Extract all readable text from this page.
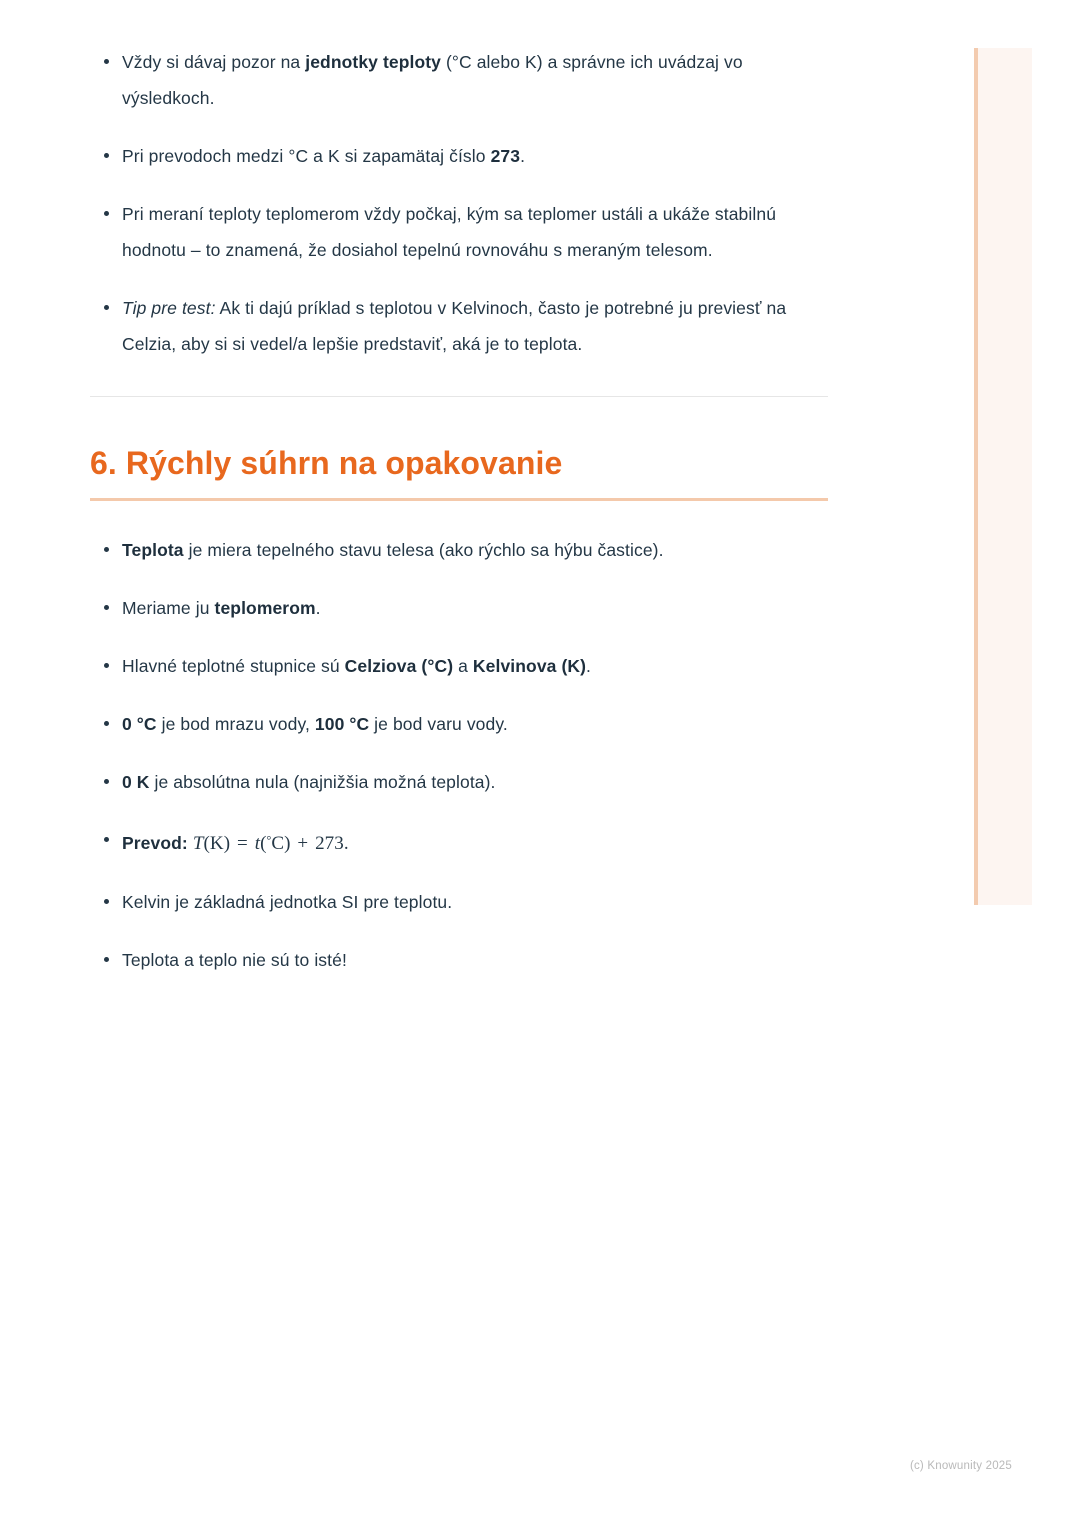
Vždy si dávaj pozor na jednotky teploty (°C alebo K) a správne ich uvádzaj vo výsledkoch.
Pri prevodoch medzi °C a K si zapamätaj číslo 273.
Pri meraní teploty teplomerom vždy počkaj, kým sa teplomer ustáli a ukáže stabilnú hodnotu – to znamená, že dosiahol tepelnú rovnováhu s meraným telesom.
Tip pre test: Ak ti dajú príklad s teplotou v Kelvinoch, často je potrebné ju previesť na Celzia, aby si si vedel/a lepšie predstaviť, aká je to teplota.
6. Rýchly súhrn na opakovanie
Teplota je miera tepelného stavu telesa (ako rýchlo sa hýbu častice).
Meriame ju teplomerom.
Hlavné teplotné stupnice sú Celziova (°C) a Kelvinova (K).
0 °C je bod mrazu vody, 100 °C je bod varu vody.
0 K je absolútna nula (najnižšia možná teplota).
Prevod: T(K) = t(°C) + 273.
Kelvin je základná jednotka SI pre teplotu.
Teplota a teplo nie sú to isté!
(c) Knowunity 2025
